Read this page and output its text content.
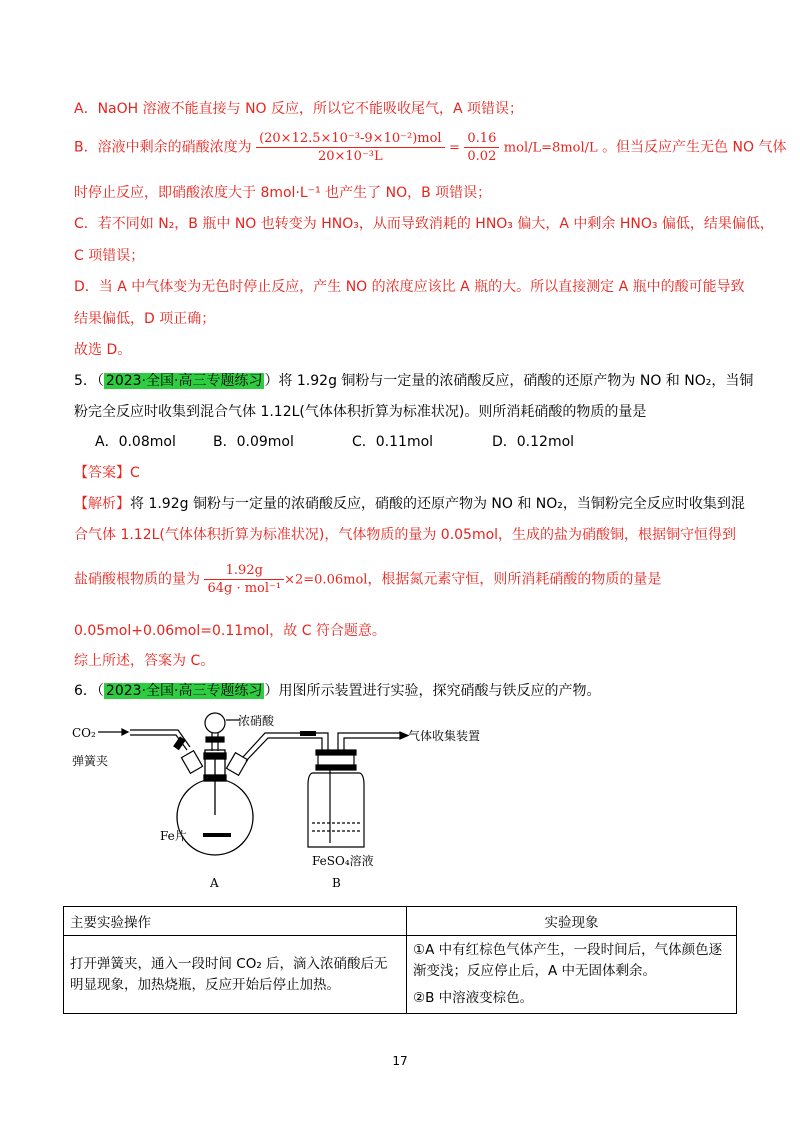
A．NaOH 溶液不能直接与 NO 反应，所以它不能吸收尾气，A 项错误；
B．溶液中剩余的硝酸浓度为 $\frac{\text{(20×12.5×10⁻³-9×10⁻²)mol}}{\text{20×10⁻³L}} = \frac{0.16}{0.02} mol/L=8mol/L$ 。但当反应产生无色 NO 气体
时停止反应，即硝酸浓度大于 8mol·L⁻¹ 也产生了 NO，B 项错误；
C．若不同如 N₂，B 瓶中 NO 也转变为 HNO₃，从而导致消耗的 HNO₃ 偏大，A 中剩余 HNO₃ 偏低，结果偏低，
C 项错误；
D．当 A 中气体变为无色时停止反应，产生 NO 的浓度应该比 A 瓶的大。所以直接测定 A 瓶中的酸可能导致
结果偏低，D 项正确；
故选 D。
5．（ 2023·全国·高三专题练习 ）将 1.92g 铜粉与一定量的浓硝酸反应，硝酸的还原产物为 NO 和 NO₂，当铜
粉完全反应时收集到混合气体 1.12L(气体体积折算为标准状况)。则所消耗硝酸的物质的量是
A．0.08mol	B．0.09mol	C．0.11mol	D．0.12mol
【答案】C
【解析】将 1.92g 铜粉与一定量的浓硝酸反应，硝酸的还原产物为 NO 和 NO₂，当铜粉完全反应时收集到混
合气体 1.12L(气体体积折算为标准状况)，气体物质的量为 0.05mol，生成的盐为硝酸铜，根据铜守恒得到
盐硝酸根物质的量为 $\frac{1.92g}{\text{64g · mol⁻¹}} \times 2=0.06mol$，根据氮元素守恒，则所消耗硝酸的物质的量是
0.05mol+0.06mol=0.11mol，故 C 符合题意。
综上所述，答案为 C。
6．（ 2023·全国·高三专题练习 ）用图所示装置进行实验，探究硝酸与铁反应的产物。
CO₂
弹簧夹
浓硝酸
气体收集装置
Fe片
FeSO₄溶液
A	B
主要实验操作	实验现象
打开弹簧夹，通入一段时间 CO₂ 后，滴入浓硝酸后无明显现象，加热烧瓶，反应开始后停止加热。	①A 中有红棕色气体产生，一段时间后，气体颜色逐渐变浅；反应停止后，A 中无固体剩余。
②B 中溶液变棕色。
17
